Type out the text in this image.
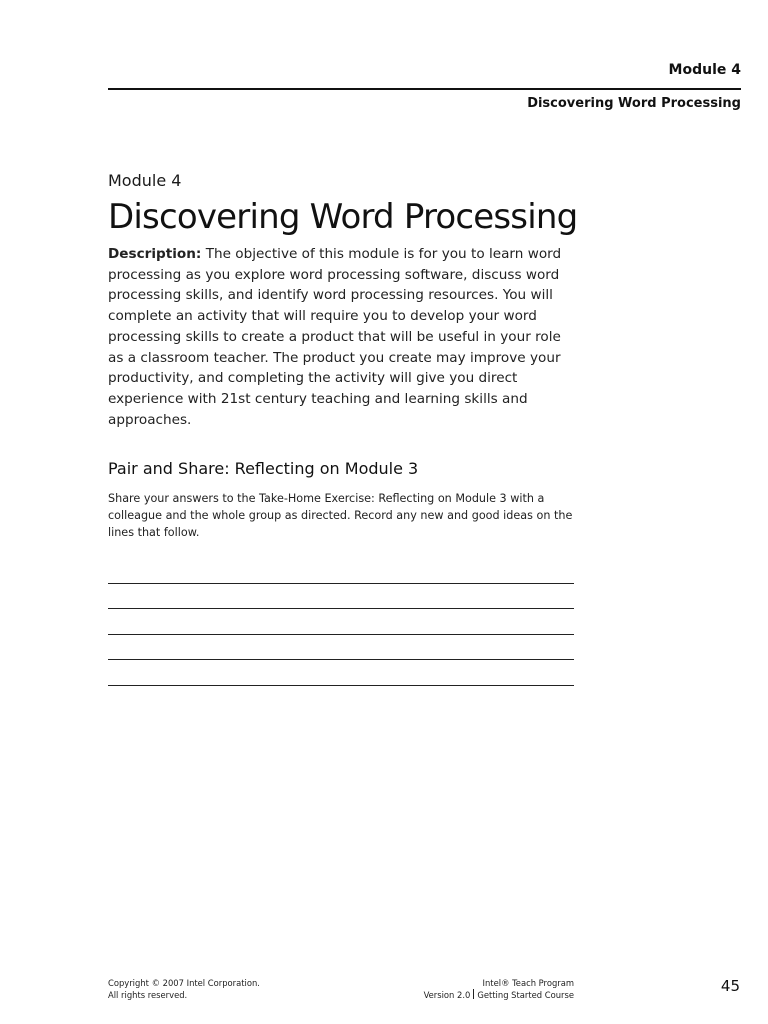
Module 4
Discovering Word Processing

Module 4

Discovering Word Processing

Description: The objective of this module is for you to learn word processing as you explore word processing software, discuss word processing skills, and identify word processing resources. You will complete an activity that will require you to develop your word processing skills to create a product that will be useful in your role as a classroom teacher. The product you create may improve your productivity, and completing the activity will give you direct experience with 21st century teaching and learning skills and approaches.

Pair and Share: Reflecting on Module 3

Share your answers to the Take-Home Exercise: Reflecting on Module 3 with a colleague and the whole group as directed. Record any new and good ideas on the lines that follow.

Copyright © 2007 Intel Corporation.
All rights reserved.
Intel® Teach Program
Version 2.0 Getting Started Course	45
